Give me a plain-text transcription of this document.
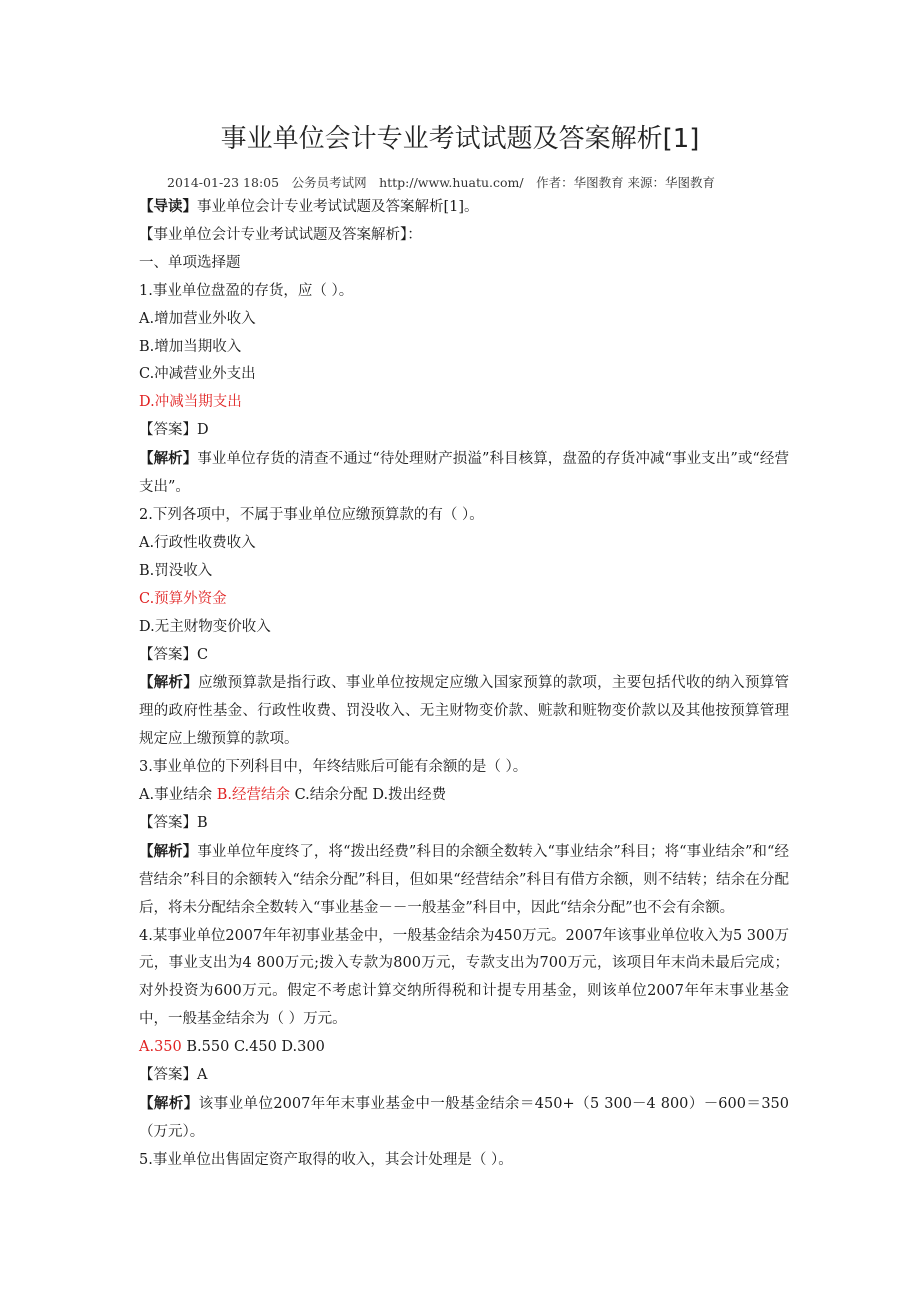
事业单位会计专业考试试题及答案解析[1]
2014-01-23 18:05　公务员考试网　http://www.huatu.com/　作者：华图教育 来源：华图教育
【导读】事业单位会计专业考试试题及答案解析[1]。
【事业单位会计专业考试试题及答案解析】：
一、单项选择题
1.事业单位盘盈的存货，应（ ）。
A.增加营业外收入
B.增加当期收入
C.冲减营业外支出
D.冲减当期支出
【答案】D
【解析】事业单位存货的清查不通过“待处理财产损溢”科目核算，盘盈的存货冲减“事业支出”或“经营支出”。
2.下列各项中，不属于事业单位应缴预算款的有（ ）。
A.行政性收费收入
B.罚没收入
C.预算外资金
D.无主财物变价收入
【答案】C
【解析】应缴预算款是指行政、事业单位按规定应缴入国家预算的款项，主要包括代收的纳入预算管理的政府性基金、行政性收费、罚没收入、无主财物变价款、赃款和赃物变价款以及其他按预算管理规定应上缴预算的款项。
3.事业单位的下列科目中，年终结账后可能有余额的是（ ）。
A.事业结余 B.经营结余 C.结余分配 D.拨出经费
【答案】B
【解析】事业单位年度终了，将“拨出经费”科目的余额全数转入“事业结余”科目；将“事业结余”和“经营结余”科目的余额转入“结余分配”科目，但如果“经营结余”科目有借方余额，则不结转；结余在分配后，将未分配结余全数转入“事业基金－－一般基金”科目中，因此“结余分配”也不会有余额。
4.某事业单位2007年年初事业基金中，一般基金结余为450万元。2007年该事业单位收入为5 300万元，事业支出为4 800万元;拨入专款为800万元，专款支出为700万元，该项目年末尚未最后完成；对外投资为600万元。假定不考虑计算交纳所得税和计提专用基金，则该单位2007年年末事业基金中，一般基金结余为（ ）万元。
A.350 B.550 C.450 D.300
【答案】A
【解析】该事业单位2007年年末事业基金中一般基金结余＝450+（5 300－4 800）－600＝350（万元）。
5.事业单位出售固定资产取得的收入，其会计处理是（ ）。
